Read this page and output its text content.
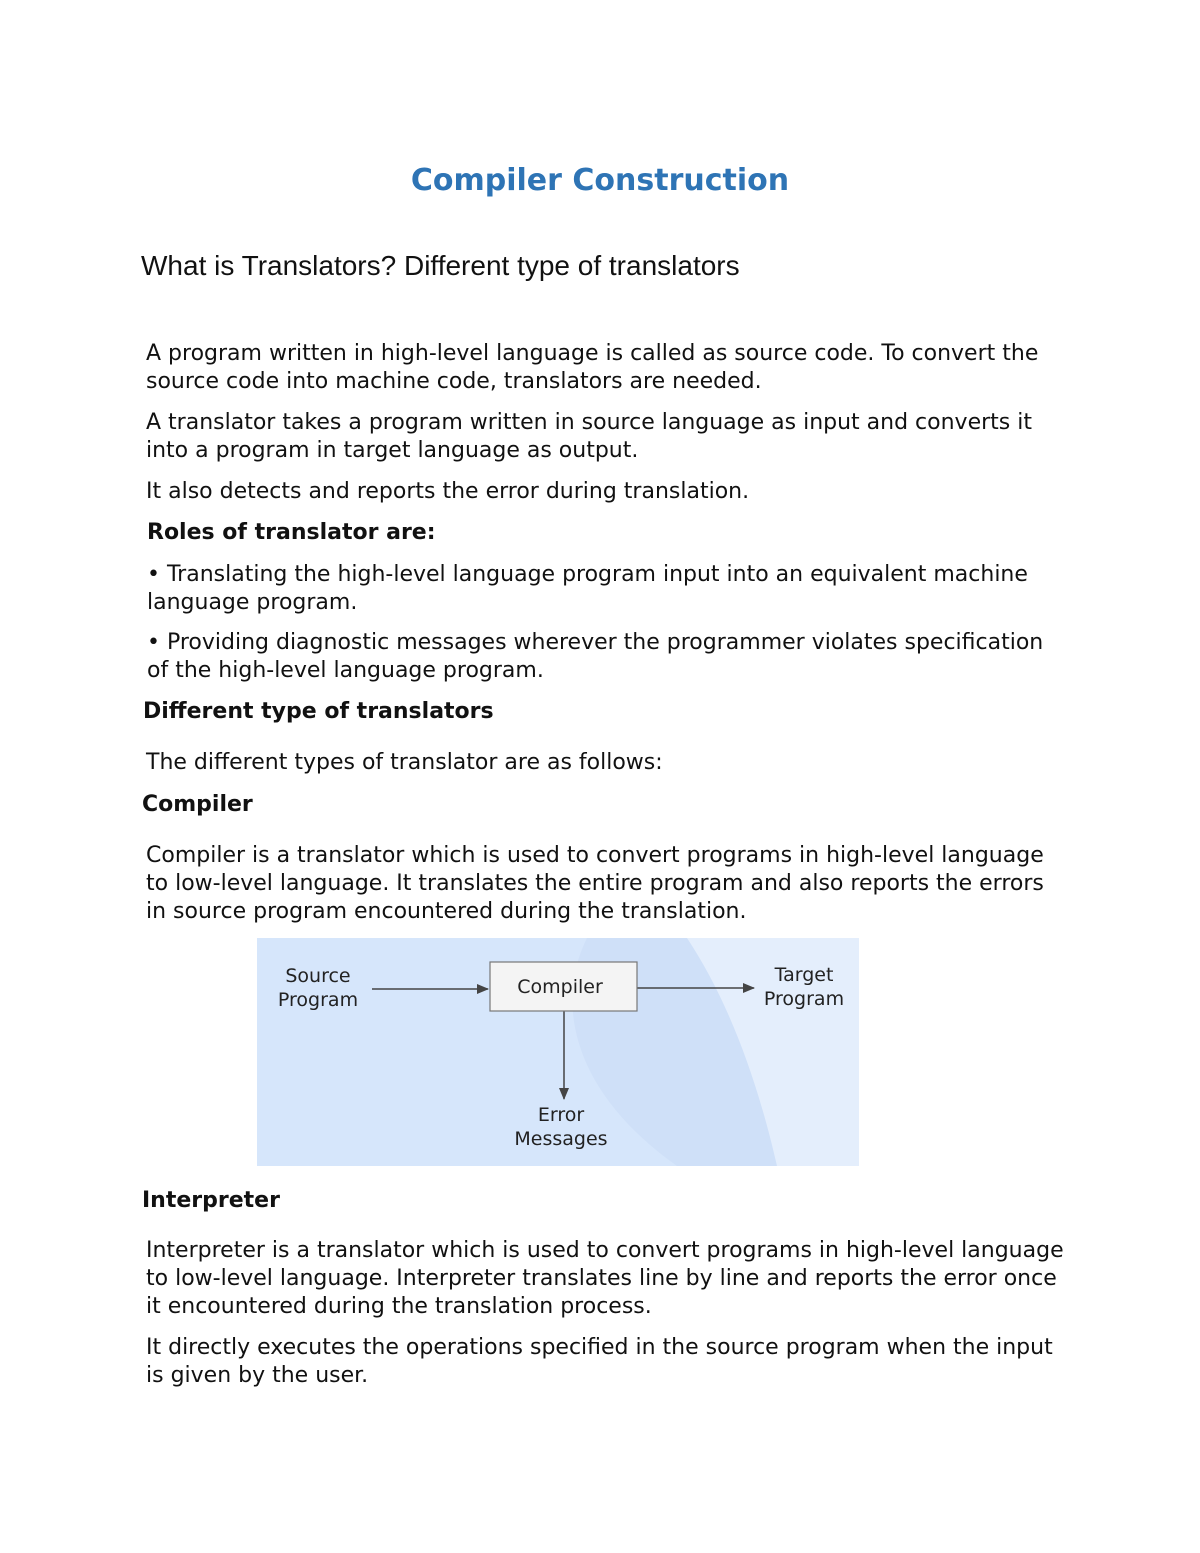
Compiler Construction
What is Translators? Different type of translators

A program written in high-level language is called as source code. To convert the source code into machine code, translators are needed.

A translator takes a program written in source language as input and converts it into a program in target language as output.

It also detects and reports the error during translation.

Roles of translator are:

• Translating the high-level language program input into an equivalent machine language program.

• Providing diagnostic messages wherever the programmer violates specification of the high-level language program.

Different type of translators

The different types of translator are as follows:

Compiler

Compiler is a translator which is used to convert programs in high-level language to low-level language. It translates the entire program and also reports the errors in source program encountered during the translation.

Compiler
Source
Program
Target
Program
Error
Messages

Interpreter

Interpreter is a translator which is used to convert programs in high-level language to low-level language. Interpreter translates line by line and reports the error once it encountered during the translation process.

It directly executes the operations specified in the source program when the input is given by the user.
